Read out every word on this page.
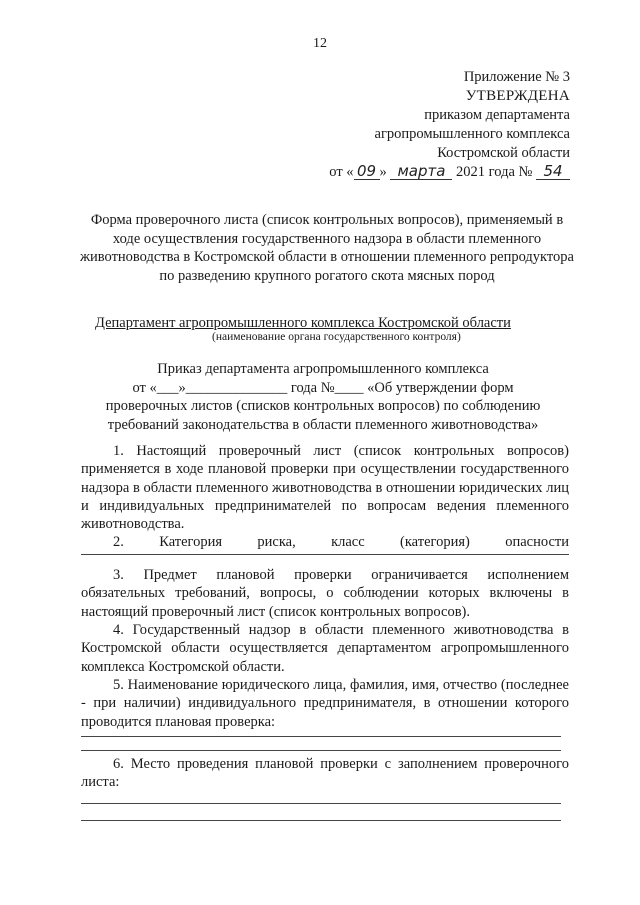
12
Приложение № 3
УТВЕРЖДЕНА
приказом департамента
агропромышленного комплекса
Костромской области
от « 09 » марта 2021 года № 54
Форма проверочного листа (список контрольных вопросов), применяемый в ходе осуществления государственного надзора в области племенного животноводства в Костромской области в отношении племенного репродуктора по разведению крупного рогатого скота мясных пород
Департамент агропромышленного комплекса Костромской области
(наименование органа государственного контроля)
Приказ департамента агропромышленного комплекса
от «___»______________ года №____ «Об утверждении форм
проверочных листов (списков контрольных вопросов) по соблюдению
требований законодательства в области племенного животноводства»
1. Настоящий проверочный лист (список контрольных вопросов) применяется в ходе плановой проверки при осуществлении государственного надзора в области племенного животноводства в отношении юридических лиц и индивидуальных предпринимателей по вопросам ведения племенного животноводства.
2. Категория риска, класс (категория) опасности
3. Предмет плановой проверки ограничивается исполнением обязательных требований, вопросы, о соблюдении которых включены в настоящий проверочный лист (список контрольных вопросов).
4. Государственный надзор в области племенного животноводства в Костромской области осуществляется департаментом агропромышленного комплекса Костромской области.
5. Наименование юридического лица, фамилия, имя, отчество (последнее - при наличии) индивидуального предпринимателя, в отношении которого проводится плановая проверка:
6. Место проведения плановой проверки с заполнением проверочного листа:
